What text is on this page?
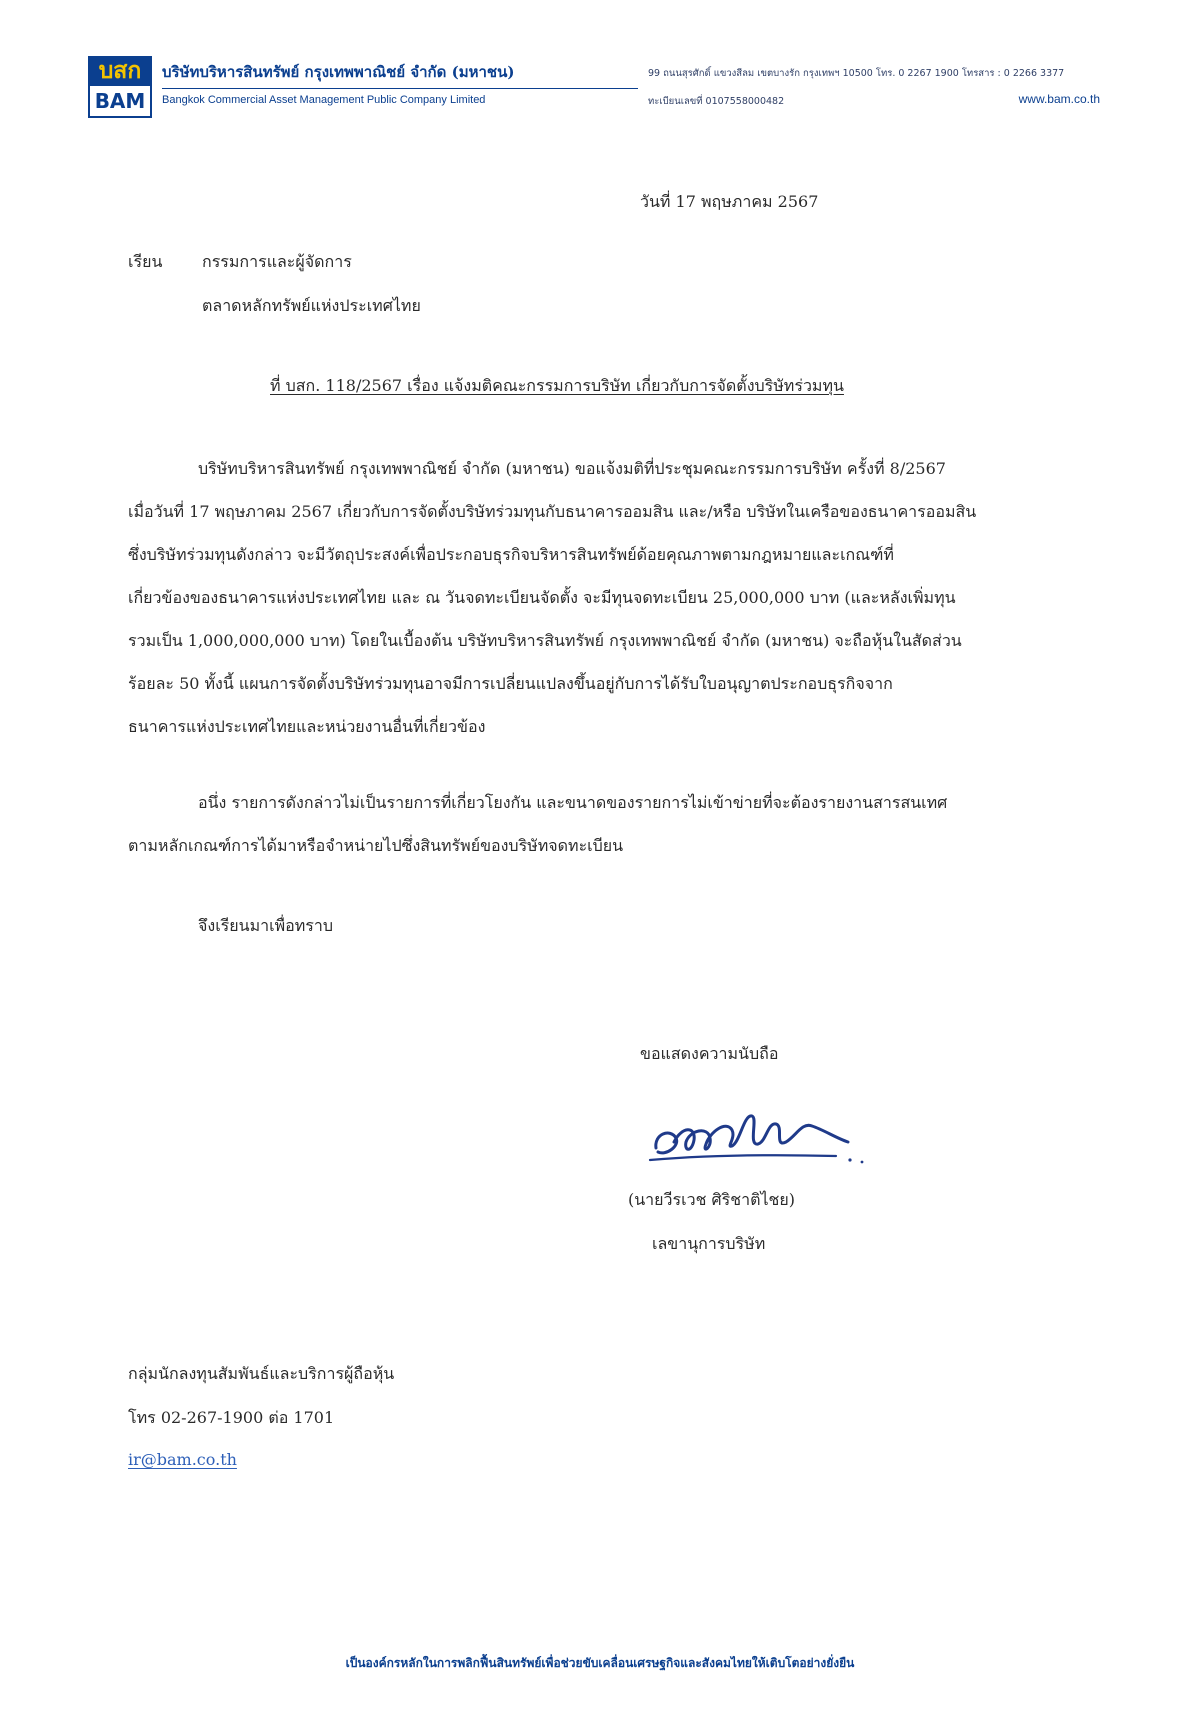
บสก
BAM
บริษัทบริหารสินทรัพย์ กรุงเทพพาณิชย์ จำกัด (มหาชน)
Bangkok Commercial Asset Management Public Company Limited
99 ถนนสุรศักดิ์ แขวงสีลม เขตบางรัก กรุงเทพฯ 10500 โทร. 0 2267 1900 โทรสาร : 0 2266 3377
ทะเบียนเลขที่ 0107558000482	www.bam.co.th
วันที่ 17 พฤษภาคม 2567
เรียน กรรมการและผู้จัดการ
ตลาดหลักทรัพย์แห่งประเทศไทย
ที่ บสก. 118/2567 เรื่อง แจ้งมติคณะกรรมการบริษัท เกี่ยวกับการจัดตั้งบริษัทร่วมทุน
บริษัทบริหารสินทรัพย์ กรุงเทพพาณิชย์ จำกัด (มหาชน) ขอแจ้งมติที่ประชุมคณะกรรมการบริษัท ครั้งที่ 8/2567
เมื่อวันที่ 17 พฤษภาคม 2567 เกี่ยวกับการจัดตั้งบริษัทร่วมทุนกับธนาคารออมสิน และ/หรือ บริษัทในเครือของธนาคารออมสิน
ซึ่งบริษัทร่วมทุนดังกล่าว จะมีวัตถุประสงค์เพื่อประกอบธุรกิจบริหารสินทรัพย์ด้อยคุณภาพตามกฎหมายและเกณฑ์ที่
เกี่ยวข้องของธนาคารแห่งประเทศไทย และ ณ วันจดทะเบียนจัดตั้ง จะมีทุนจดทะเบียน 25,000,000 บาท (และหลังเพิ่มทุน
รวมเป็น 1,000,000,000 บาท) โดยในเบื้องต้น บริษัทบริหารสินทรัพย์ กรุงเทพพาณิชย์ จำกัด (มหาชน) จะถือหุ้นในสัดส่วน
ร้อยละ 50 ทั้งนี้ แผนการจัดตั้งบริษัทร่วมทุนอาจมีการเปลี่ยนแปลงขึ้นอยู่กับการได้รับใบอนุญาตประกอบธุรกิจจาก
ธนาคารแห่งประเทศไทยและหน่วยงานอื่นที่เกี่ยวข้อง
อนึ่ง รายการดังกล่าวไม่เป็นรายการที่เกี่ยวโยงกัน และขนาดของรายการไม่เข้าข่ายที่จะต้องรายงานสารสนเทศ
ตามหลักเกณฑ์การได้มาหรือจำหน่ายไปซึ่งสินทรัพย์ของบริษัทจดทะเบียน
จึงเรียนมาเพื่อทราบ
ขอแสดงความนับถือ
(นายวีรเวช ศิริชาติไชย)
เลขานุการบริษัท
กลุ่มนักลงทุนสัมพันธ์และบริการผู้ถือหุ้น
โทร 02-267-1900 ต่อ 1701
ir@bam.co.th
เป็นองค์กรหลักในการพลิกฟื้นสินทรัพย์เพื่อช่วยขับเคลื่อนเศรษฐกิจและสังคมไทยให้เติบโตอย่างยั่งยืน
